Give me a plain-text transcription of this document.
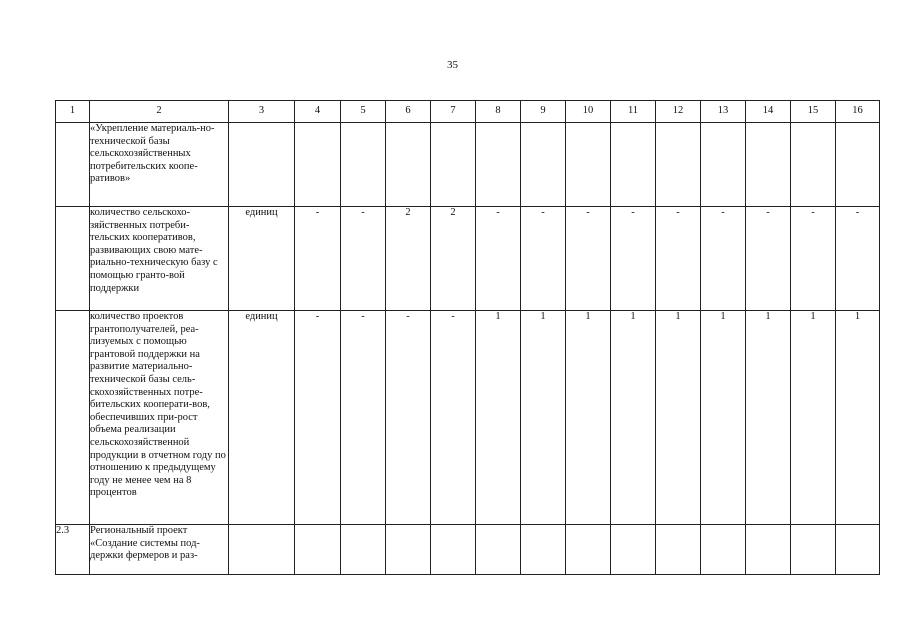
35
1	2	3	4	5	6	7	8	9	10	11	12	13	14	15	16
	«Укрепление материаль-но-технической базы сельскохозяйственных потребительских коопе-ративов»														
	количество сельскохо-зяйственных потреби-тельских кооперативов, развивающих свою мате-риально-техническую базу с помощью гранто-вой поддержки	единиц	-	-	2	2	-	-	-	-	-	-	-	-	-
	количество проектов грантополучателей, реа-лизуемых с помощью грантовой поддержки на развитие материально-технической базы сель-скохозяйственных потре-бительских кооперати-вов, обеспечивших при-рост объема реализации сельскохозяйственной продукции в отчетном году по отношению к предыдущему году не менее чем на 8 процентов	единиц	-	-	-	-	1	1	1	1	1	1	1	1	1
2.3	Региональный проект «Создание системы под-держки фермеров и раз-														
